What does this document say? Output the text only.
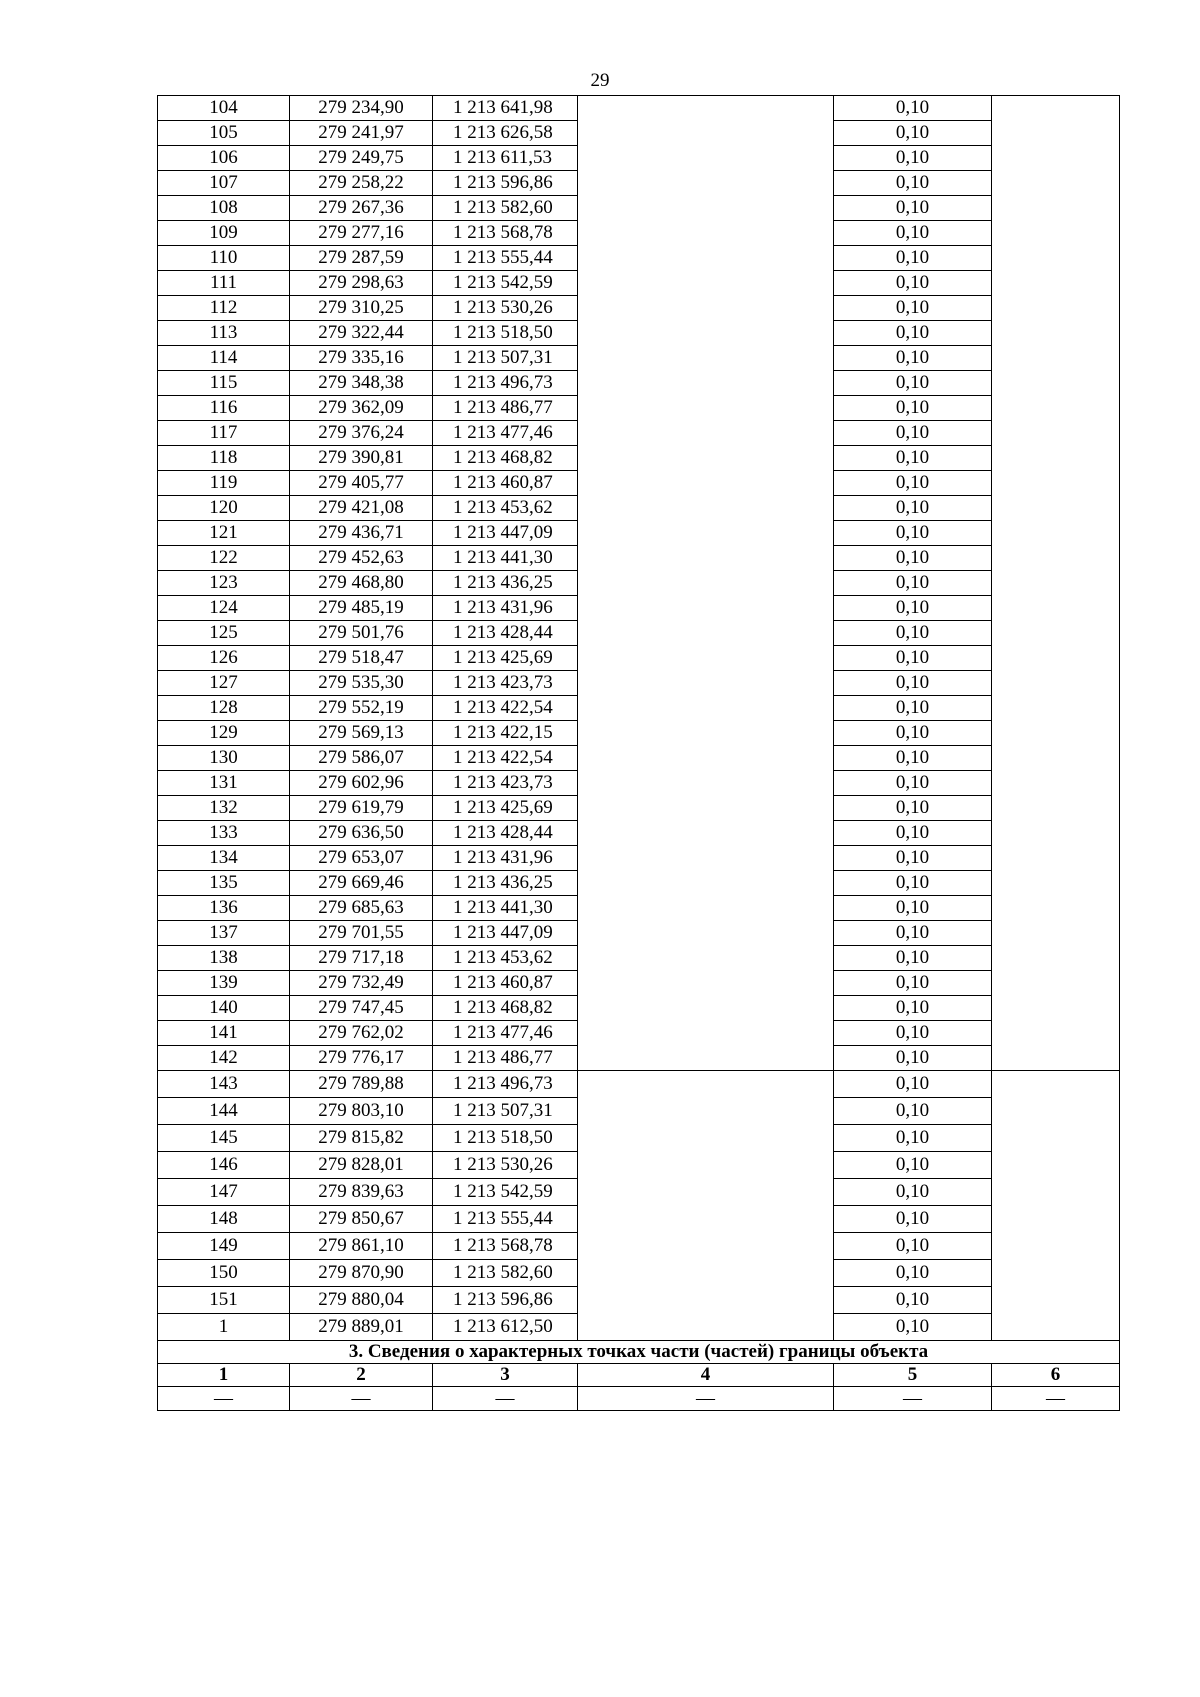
29
104	279 234,90	1 213 641,98		0,10	
105	279 241,97	1 213 626,58		0,10	
106	279 249,75	1 213 611,53		0,10	
107	279 258,22	1 213 596,86		0,10	
108	279 267,36	1 213 582,60		0,10	
109	279 277,16	1 213 568,78		0,10	
110	279 287,59	1 213 555,44		0,10	
111	279 298,63	1 213 542,59		0,10	
112	279 310,25	1 213 530,26		0,10	
113	279 322,44	1 213 518,50		0,10	
114	279 335,16	1 213 507,31		0,10	
115	279 348,38	1 213 496,73		0,10	
116	279 362,09	1 213 486,77		0,10	
117	279 376,24	1 213 477,46		0,10	
118	279 390,81	1 213 468,82		0,10	
119	279 405,77	1 213 460,87		0,10	
120	279 421,08	1 213 453,62		0,10	
121	279 436,71	1 213 447,09		0,10	
122	279 452,63	1 213 441,30		0,10	
123	279 468,80	1 213 436,25		0,10	
124	279 485,19	1 213 431,96		0,10	
125	279 501,76	1 213 428,44		0,10	
126	279 518,47	1 213 425,69		0,10	
127	279 535,30	1 213 423,73		0,10	
128	279 552,19	1 213 422,54		0,10	
129	279 569,13	1 213 422,15		0,10	
130	279 586,07	1 213 422,54		0,10	
131	279 602,96	1 213 423,73		0,10	
132	279 619,79	1 213 425,69		0,10	
133	279 636,50	1 213 428,44		0,10	
134	279 653,07	1 213 431,96		0,10	
135	279 669,46	1 213 436,25		0,10	
136	279 685,63	1 213 441,30		0,10	
137	279 701,55	1 213 447,09		0,10	
138	279 717,18	1 213 453,62		0,10	
139	279 732,49	1 213 460,87		0,10	
140	279 747,45	1 213 468,82		0,10	
141	279 762,02	1 213 477,46		0,10	
142	279 776,17	1 213 486,77		0,10	
143	279 789,88	1 213 496,73		0,10	
144	279 803,10	1 213 507,31		0,10	
145	279 815,82	1 213 518,50		0,10	
146	279 828,01	1 213 530,26		0,10	
147	279 839,63	1 213 542,59		0,10	
148	279 850,67	1 213 555,44		0,10	
149	279 861,10	1 213 568,78		0,10	
150	279 870,90	1 213 582,60		0,10	
151	279 880,04	1 213 596,86		0,10	
1	279 889,01	1 213 612,50		0,10	
3. Сведения о характерных точках части (частей) границы объекта					
1	2	3	4	5	6
—	—	—	—	—	—
